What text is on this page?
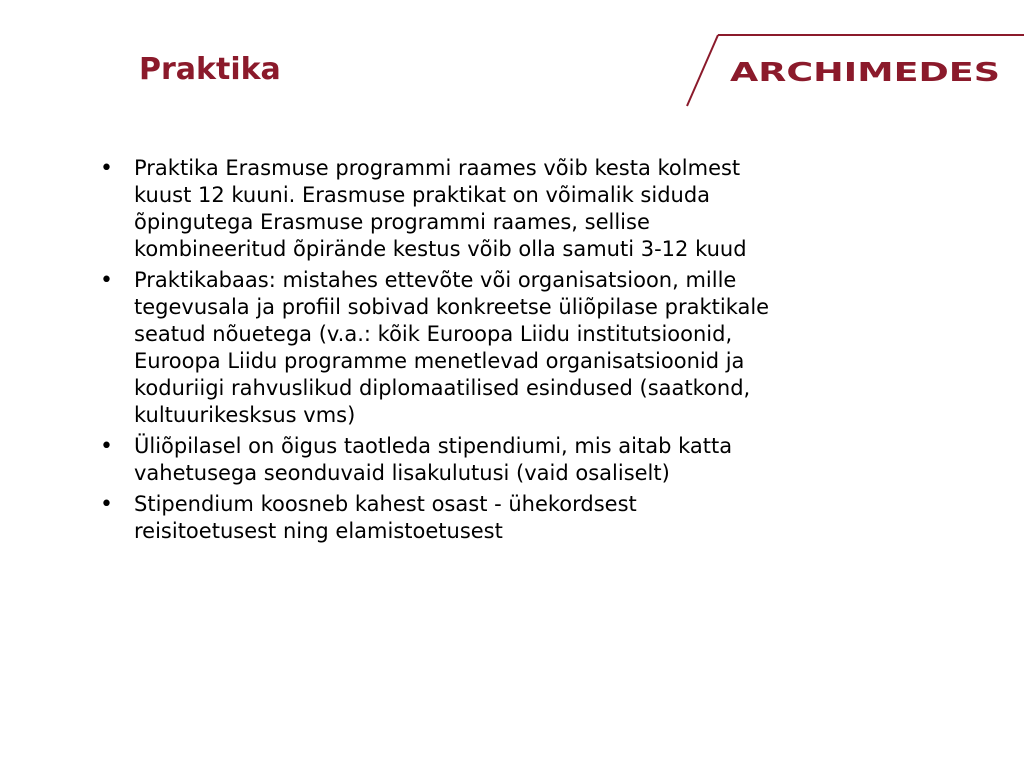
Praktika	ARCHIMEDES
•	Praktika Erasmuse programmi raames võib kesta kolmest
kuust 12 kuuni. Erasmuse praktikat on võimalik siduda
õpingutega Erasmuse programmi raames, sellise
kombineeritud õpirände kestus võib olla samuti 3-12 kuud
•	Praktikabaas: mistahes ettevõte või organisatsioon, mille
tegevusala ja profiil sobivad konkreetse üliõpilase praktikale
seatud nõuetega (v.a.: kõik Euroopa Liidu institutsioonid,
Euroopa Liidu programme menetlevad organisatsioonid ja
koduriigi rahvuslikud diplomaatilised esindused (saatkond,
kultuurikesksus vms)
•	Üliõpilasel on õigus taotleda stipendiumi, mis aitab katta
vahetusega seonduvaid lisakulutusi (vaid osaliselt)
•	Stipendium koosneb kahest osast - ühekordsest
reisitoetusest ning elamistoetusest
